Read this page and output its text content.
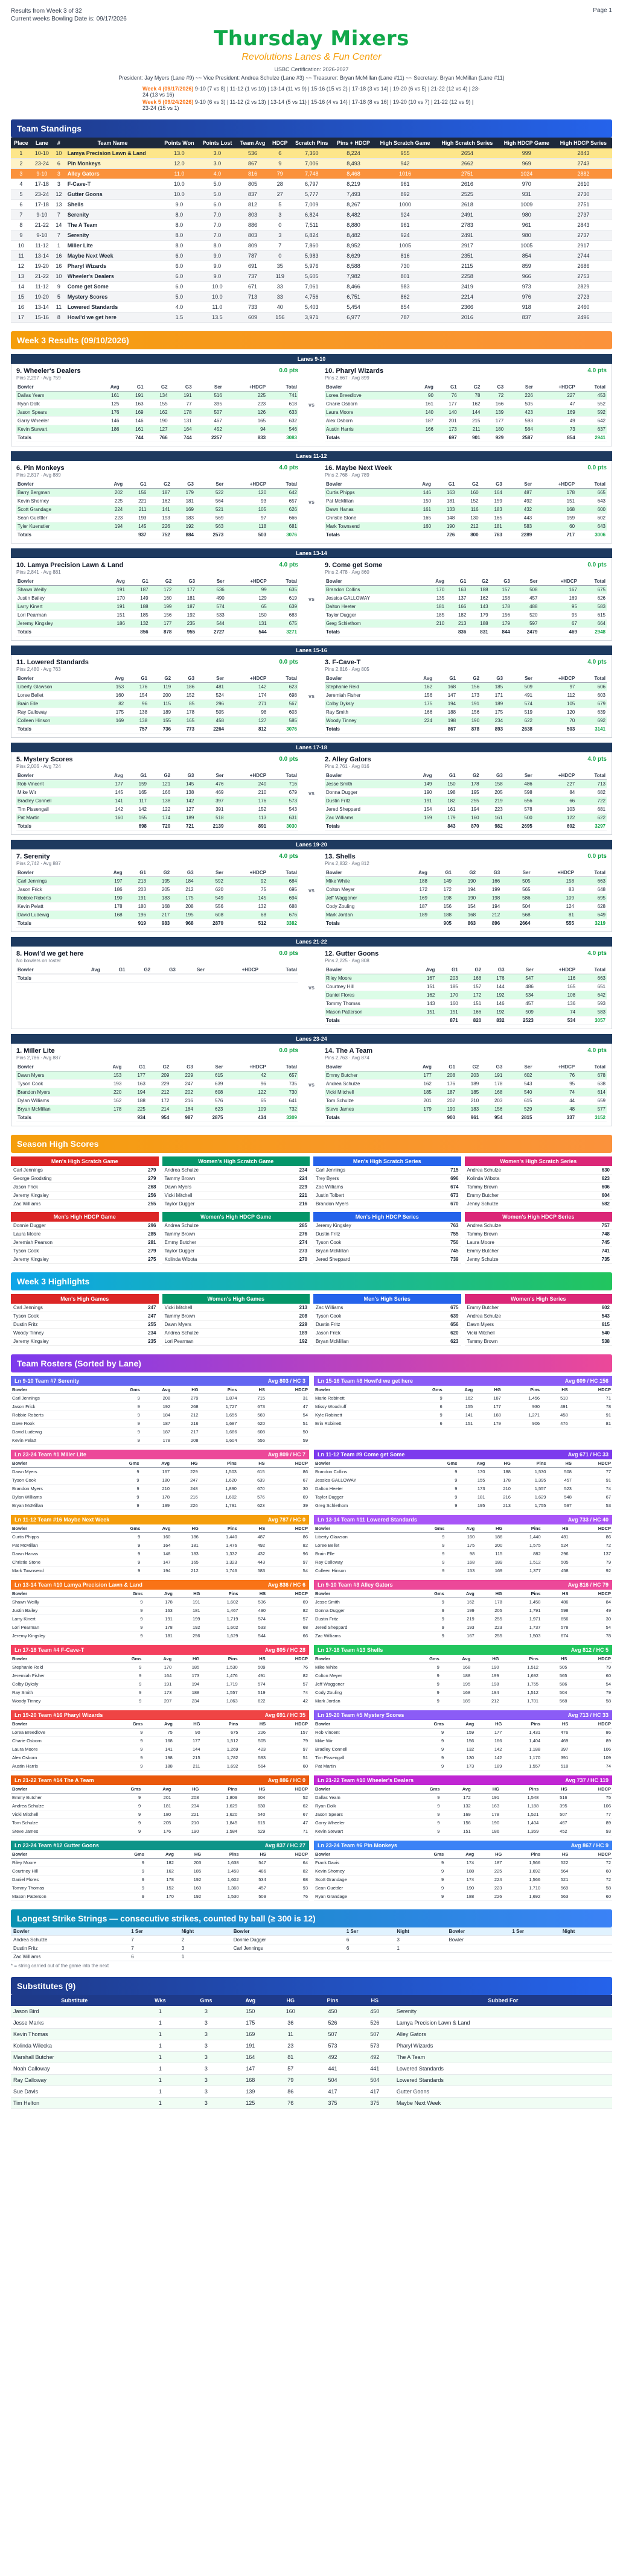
Results from Week 3 of 32
Current weeks Bowling Date is: 09/17/2026
Page 1
Thursday Mixers
Revolutions Lanes & Fun Center
USBC Certification: 2026-2027
President: Jay Myers (Lane #9) ~~ Vice President: Andrea Schulze (Lane #3) ~~ Treasurer: Bryan McMillan (Lane #11) ~~ Secretary: Bryan McMillan (Lane #11)
Week 4 (09/17/2026) 9-10 (7 vs 8) | 11-12 (1 vs 10) | 13-14 (11 vs 9) | 15-16 (15 vs 2) | 17-18 (3 vs 14) | 19-20 (6 vs 5) | 21-22 (12 vs 4) | 23-24 (13 vs 16)
Week 5 (09/24/2026) 9-10 (6 vs 3) | 11-12 (2 vs 13) | 13-14 (5 vs 11) | 15-16 (4 vs 14) | 17-18 (8 vs 16) | 19-20 (10 vs 7) | 21-22 (12 vs 9) | 23-24 (15 vs 1)
Team Standings
Place	Lane	#	Team Name	Points Won	Points Lost	Team Avg	HDCP	Scratch Pins	Pins + HDCP	High Scratch Game	High Scratch Series	High HDCP Game	High HDCP Series
1	10-10	10	Lamya Precision Lawn & Land	13.0	3.0	536	6	7,360	8,224	955	2654	999	2843
2	23-24	6	Pin Monkeys	12.0	3.0	867	9	7,006	8,493	942	2662	969	2743
3	9-10	3	Alley Gators	11.0	4.0	816	79	7,748	8,468	1016	2751	1024	2882
4	17-18	3	F-Cave-T	10.0	5.0	805	28	6,797	8,219	961	2616	970	2610
5	23-24	12	Gutter Goons	10.0	5.0	837	27	5,777	7,493	892	2525	931	2730
6	17-18	13	Shells	9.0	6.0	812	5	7,009	8,267	1000	2618	1009	2751
7	9-10	7	Serenity	8.0	7.0	803	3	6,824	8,482	924	2491	980	2737
8	21-22	14	The A Team	8.0	7.0	886	0	7,511	8,880	961	2783	961	2843
9	9-10	7	Serenity	8.0	7.0	803	3	6,824	8,482	924	2491	980	2737
10	11-12	1	Miller Lite	8.0	8.0	809	7	7,860	8,952	1005	2917	1005	2917
11	13-14	16	Maybe Next Week	6.0	9.0	787	0	5,983	8,629	816	2351	854	2744
12	19-20	16	Pharyl Wizards	6.0	9.0	691	35	5,976	8,588	730	2115	859	2686
13	21-22	10	Wheeler's Dealers	6.0	9.0	737	119	5,605	7,982	801	2258	966	2753
14	11-12	9	Come get Some	6.0	10.0	671	33	7,061	8,466	983	2419	973	2829
15	19-20	5	Mystery Scores	5.0	10.0	713	33	4,756	6,751	862	2214	976	2723
16	13-14	11	Lowered Standards	4.0	11.0	733	40	5,403	5,454	854	2366	918	2460
17	15-16	8	Howl'd we get here	1.5	13.5	609	156	3,971	6,977	787	2016	837	2496
Week 3 Results (09/10/2026)
Lanes 9-10
9. Wheeler's Dealers	0.0 pts
Pins 2,297 · Avg 759
Bowler	Avg	G1	G2	G3	Ser	+HDCP	Total
Dallas Yeam	161	191	134	191	516	225	741
Ryan Dolk	125	163	155	77	395	223	618
Jason Spears	176	169	162	178	507	126	633
Garry Wheeler	146	146	190	131	467	165	632
Kevin Stewart	186	161	127	164	452	94	546
Totals		744	766	744	2257	833	3083
vs
10. Pharyl Wizards	4.0 pts
Pins 2,667 · Avg 899
Bowler	Avg	G1	G2	G3	Ser	+HDCP	Total
Lorea Breedlove	90	76	78	72	226	227	453
Charie Osborn	161	177	162	166	505	47	552
Laura Moore	140	140	144	139	423	169	592
Alex Osborn	187	201	215	177	593	49	642
Austin Harris	166	173	211	180	564	73	637
Totals		697	901	929	2587	854	2941
Lanes 11-12
6. Pin Monkeys	4.0 pts
Pins 2,817 · Avg 889
Bowler	Avg	G1	G2	G3	Ser	+HDCP	Total
Barry Bergman	202	156	187	179	522	120	642
Kevin Shorney	225	221	162	181	564	93	657
Scott Grandage	224	211	141	169	521	105	626
Sean Guettler	223	193	193	183	569	97	666
Tyler Kuenstler	194	145	226	192	563	118	681
Totals		937	752	884	2573	503	3076
vs
16. Maybe Next Week	0.0 pts
Pins 2,768 · Avg 789
Bowler	Avg	G1	G2	G3	Ser	+HDCP	Total
Curtis Phipps	146	163	160	164	487	178	665
Pat McMillan	150	181	152	159	492	151	643
Dawn Hanas	161	133	116	183	432	168	600
Christie Stone	165	148	130	165	443	159	602
Mark Townsend	160	190	212	181	583	60	643
Totals		726	800	763	2289	717	3006
Lanes 13-14
10. Lamya Precision Lawn & Land	4.0 pts
Pins 2,841 · Avg 881
Bowler	Avg	G1	G2	G3	Ser	+HDCP	Total
Shawn Weilly	191	187	172	177	536	99	635
Justin Bailey	170	149	160	181	490	129	619
Larry Kinert	191	188	199	187	574	65	639
Lori Pearman	151	185	156	192	533	150	683
Jeremy Kingsley	186	132	177	235	544	131	675
Totals		856	878	955	2727	544	3271
vs
9. Come get Some	0.0 pts
Pins 2,478 · Avg 860
Bowler	Avg	G1	G2	G3	Ser	+HDCP	Total
Brandon Collins	170	163	188	157	508	167	675
Jessica GALLOWAY	135	137	162	158	457	169	626
Dalton Heeter	181	166	143	178	488	95	583
Taylor Dugger	185	182	179	156	520	95	615
Greg Schlethom	210	213	188	179	597	67	664
Totals		836	831	844	2479	469	2948
Lanes 15-16
11. Lowered Standards	0.0 pts
Pins 2,480 · Avg 763
Bowler	Avg	G1	G2	G3	Ser	+HDCP	Total
Liberty Glawson	153	176	119	186	481	142	623
Loree Bellet	160	154	200	152	524	174	698
Brain Elle	82	96	115	85	296	271	567
Ray Calloway	175	138	189	178	505	98	603
Colleen Hinson	169	138	155	165	458	127	585
Totals		757	736	773	2264	812	3076
vs
3. F-Cave-T	4.0 pts
Pins 2,816 · Avg 805
Bowler	Avg	G1	G2	G3	Ser	+HDCP	Total
Stephanie Reid	162	168	156	185	509	97	606
Jeremiah Fisher	156	147	173	171	491	112	603
Colby Dyksly	175	194	191	189	574	105	679
Ray Smith	166	188	156	175	519	120	639
Woody Tinney	224	198	190	234	622	70	692
Totals		867	878	893	2638	503	3141
Lanes 17-18
5. Mystery Scores	0.0 pts
Pins 2,006 · Avg 724
Bowler	Avg	G1	G2	G3	Ser	+HDCP	Total
Rob Vincent	177	159	121	145	476	240	716
Mike Wir	145	165	166	138	469	210	679
Bradley Connell	141	117	138	142	397	176	573
Tim Pissengall	142	142	122	127	391	152	543
Pat Martin	160	155	174	189	518	113	631
Totals		698	720	721	2139	891	3030
vs
2. Alley Gators	4.0 pts
Pins 2,761 · Avg 816
Bowler	Avg	G1	G2	G3	Ser	+HDCP	Total
Jesse Smith	149	150	178	158	486	227	713
Donna Dugger	190	198	195	205	598	84	682
Dustin Fritz	191	182	255	219	656	66	722
Jered Sheppard	154	161	194	223	578	103	681
Zac Williams	159	179	160	161	500	122	622
Totals		843	870	982	2695	602	3297
Lanes 19-20
7. Serenity	4.0 pts
Pins 2,742 · Avg 887
Bowler	Avg	G1	G2	G3	Ser	+HDCP	Total
Carl Jennings	197	213	195	184	592	92	684
Jason Frick	186	203	205	212	620	75	695
Robbie Roberts	190	191	183	175	549	145	694
Kevin Pelatt	178	180	168	208	556	132	688
David Ludewig	168	196	217	195	608	68	676
Totals		919	983	968	2870	512	3382
vs
13. Shells	0.0 pts
Pins 2,832 · Avg 812
Bowler	Avg	G1	G2	G3	Ser	+HDCP	Total
Mike White	188	149	190	166	505	158	663
Colton Meyer	172	172	194	199	565	83	648
Jeff Waggoner	169	198	190	198	586	109	695
Cody Zouling	187	156	154	194	504	124	628
Mark Jordan	189	188	168	212	568	81	649
Totals		905	863	896	2664	555	3219
Lanes 21-22
8. Howl'd we get here	0.0 pts
No bowlers on roster
Bowler	Avg	G1	G2	G3	Ser	+HDCP	Total
Totals							
vs
12. Gutter Goons	4.0 pts
Pins 2,225 · Avg 808
Bowler	Avg	G1	G2	G3	Ser	+HDCP	Total
Riley Moore	167	203	168	176	547	116	663
Courtney Hill	151	185	157	144	486	165	651
Daniel Flores	162	170	172	192	534	108	642
Tommy Thomas	143	160	151	146	457	136	593
Mason Patterson	151	151	166	192	509	74	583
Totals		871	820	832	2523	534	3057
Lanes 23-24
1. Miller Lite	0.0 pts
Pins 2,786 · Avg 887
Bowler	Avg	G1	G2	G3	Ser	+HDCP	Total
Dawn Myers	153	177	209	229	615	42	657
Tyson Cook	193	163	229	247	639	96	735
Brandon Myers	220	194	212	202	608	122	730
Dylan Williams	162	188	172	216	576	65	641
Bryan McMillan	178	225	214	184	623	109	732
Totals		934	954	987	2875	434	3309
vs
14. The A Team	4.0 pts
Pins 2,763 · Avg 874
Bowler	Avg	G1	G2	G3	Ser	+HDCP	Total
Emmy Butcher	177	208	203	191	602	76	678
Andrea Schulze	162	176	189	178	543	95	638
Vicki Mitchell	185	187	185	168	540	74	614
Tom Schulze	201	202	210	203	615	44	659
Steve James	179	190	183	156	529	48	577
Totals		900	961	954	2815	337	3152
Season High Scores
Men's High Scratch Game
Carl Jennings	279
George Grodsting	279
Jason Frick	268
Jeremy Kingsley	256
Zac Williams	255
Women's High Scratch Game
Andrea Schulze	234
Tammy Brown	224
Dawn Myers	229
Vicki Mitchell	221
Taylor Dugger	216
Men's High Scratch Series
Carl Jennings	715
Trey Byers	696
Zac Williams	674
Justin Tolbert	673
Brandon Myers	670
Women's High Scratch Series
Andrea Schulze	630
Kolinda Wibota	623
Tammy Brown	606
Emmy Butcher	604
Jenny Schulze	582
Men's High HDCP Game
Donnie Dugger	296
Laura Moore	285
Jeremiah Pearson	281
Tyson Cook	279
Jeremy Kingsley	275
Women's High HDCP Game
Andrea Schulze	285
Tammy Brown	276
Emmy Butcher	274
Taylor Dugger	273
Kolinda Wibota	270
Men's High HDCP Series
Jeremy Kingsley	763
Dustin Fritz	755
Tyson Cook	750
Bryan McMillan	745
Jered Sheppard	739
Women's High HDCP Series
Andrea Schulze	757
Tammy Brown	748
Laura Moore	745
Emmy Butcher	741
Jenny Schulze	735
Week 3 Highlights
Men's High Games
Carl Jennings	247
Tyson Cook	247
Dustin Fritz	255
Woody Tinney	234
Jeremy Kingsley	235
Women's High Games
Vicki Mitchell	213
Tammy Brown	208
Dawn Myers	229
Andrea Schulze	189
Lori Pearman	192
Men's High Series
Zac Williams	675
Tyson Cook	639
Dustin Fritz	656
Jason Frick	620
Bryan McMillan	623
Women's High Series
Emmy Butcher	602
Andrea Schulze	543
Dawn Myers	615
Vicki Mitchell	540
Tammy Brown	538
Team Rosters (Sorted by Lane)
Ln 9-10 Team #7 Serenity	Avg 803 / HC 3
Bowler	Gms	Avg	HG	Pins	HS	HDCP
Carl Jennings	9	208	279	1,874	715	31
Jason Frick	9	192	268	1,727	673	47
Robbie Roberts	9	184	212	1,655	569	54
Dave Rook	9	187	216	1,687	620	51
David Ludewig	9	187	217	1,686	608	50
Kevin Pelatt	9	178	208	1,604	556	59
Ln 15-16 Team #8 Howl'd we get here	Avg 609 / HC 156
Bowler	Gms	Avg	HG	Pins	HS	HDCP
Marie Robinett	9	162	187	1,456	510	71
Missy Woodruff	6	155	177	930	491	78
Kyle Robinett	9	141	168	1,271	458	91
Erin Robinett	6	151	179	906	476	81
Ln 23-24 Team #1 Miller Lite	Avg 809 / HC 7
Bowler	Gms	Avg	HG	Pins	HS	HDCP
Dawn Myers	9	167	229	1,503	615	86
Tyson Cook	9	180	247	1,620	639	67
Brandon Myers	9	210	248	1,890	670	30
Dylan Williams	9	178	216	1,602	576	69
Bryan McMillan	9	199	226	1,791	623	39
Ln 11-12 Team #9 Come get Some	Avg 671 / HC 33
Bowler	Gms	Avg	HG	Pins	HS	HDCP
Brandon Collins	9	170	188	1,530	508	77
Jessica GALLOWAY	9	155	178	1,395	457	91
Dalton Heeter	9	173	210	1,557	523	74
Taylor Dugger	9	181	216	1,629	548	67
Greg Schlethom	9	195	213	1,755	597	53
Ln 11-12 Team #16 Maybe Next Week	Avg 787 / HC 0
Bowler	Gms	Avg	HG	Pins	HS	HDCP
Curtis Phipps	9	160	186	1,440	487	86
Pat McMillan	9	164	181	1,476	492	82
Dawn Hanas	9	148	183	1,332	432	96
Christie Stone	9	147	165	1,323	443	97
Mark Townsend	9	194	212	1,746	583	54
Ln 13-14 Team #11 Lowered Standards	Avg 733 / HC 40
Bowler	Gms	Avg	HG	Pins	HS	HDCP
Liberty Glawson	9	160	186	1,440	481	86
Loree Bellet	9	175	200	1,575	524	72
Brain Elle	9	98	115	882	296	137
Ray Calloway	9	168	189	1,512	505	79
Colleen Hinson	9	153	169	1,377	458	92
Ln 13-14 Team #10 Lamya Precision Lawn & Land	Avg 836 / HC 6
Bowler	Gms	Avg	HG	Pins	HS	HDCP
Shawn Weilly	9	178	191	1,602	536	69
Justin Bailey	9	163	181	1,467	490	82
Larry Kinert	9	191	199	1,719	574	57
Lori Pearman	9	178	192	1,602	533	68
Jeremy Kingsley	9	181	256	1,629	544	66
Ln 9-10 Team #3 Alley Gators	Avg 816 / HC 79
Bowler	Gms	Avg	HG	Pins	HS	HDCP
Jesse Smith	9	162	178	1,458	486	84
Donna Dugger	9	199	205	1,791	598	49
Dustin Fritz	9	219	255	1,971	656	30
Jered Sheppard	9	193	223	1,737	578	54
Zac Williams	9	167	255	1,503	674	78
Ln 17-18 Team #4 F-Cave-T	Avg 805 / HC 28
Bowler	Gms	Avg	HG	Pins	HS	HDCP
Stephanie Reid	9	170	185	1,530	509	76
Jeremiah Fisher	9	164	173	1,476	491	82
Colby Dyksly	9	191	194	1,719	574	57
Ray Smith	9	173	188	1,557	519	74
Woody Tinney	9	207	234	1,863	622	42
Ln 17-18 Team #13 Shells	Avg 812 / HC 5
Bowler	Gms	Avg	HG	Pins	HS	HDCP
Mike White	9	168	190	1,512	505	79
Colton Meyer	9	188	199	1,692	565	60
Jeff Waggoner	9	195	198	1,755	586	54
Cody Zouling	9	168	194	1,512	504	79
Mark Jordan	9	189	212	1,701	568	58
Ln 19-20 Team #16 Pharyl Wizards	Avg 691 / HC 35
Bowler	Gms	Avg	HG	Pins	HS	HDCP
Lorea Breedlove	9	75	90	675	226	157
Charie Osborn	9	168	177	1,512	505	79
Laura Moore	9	141	144	1,269	423	97
Alex Osborn	9	198	215	1,782	593	51
Austin Harris	9	188	211	1,692	564	60
Ln 19-20 Team #5 Mystery Scores	Avg 713 / HC 33
Bowler	Gms	Avg	HG	Pins	HS	HDCP
Rob Vincent	9	159	177	1,431	476	86
Mike Wir	9	156	166	1,404	469	89
Bradley Connell	9	132	142	1,188	397	106
Tim Pissengall	9	130	142	1,170	391	109
Pat Martin	9	173	189	1,557	518	74
Ln 21-22 Team #14 The A Team	Avg 886 / HC 0
Bowler	Gms	Avg	HG	Pins	HS	HDCP
Emmy Butcher	9	201	208	1,809	604	52
Andrea Schulze	9	181	234	1,629	630	62
Vicki Mitchell	9	180	221	1,620	540	67
Tom Schulze	9	205	210	1,845	615	47
Steve James	9	176	190	1,584	529	71
Ln 21-22 Team #10 Wheeler's Dealers	Avg 737 / HC 119
Bowler	Gms	Avg	HG	Pins	HS	HDCP
Dallas Yeam	9	172	191	1,548	516	75
Ryan Dolk	9	132	163	1,188	395	106
Jason Spears	9	169	178	1,521	507	77
Garry Wheeler	9	156	190	1,404	467	89
Kevin Stewart	9	151	186	1,359	452	93
Ln 23-24 Team #12 Gutter Goons	Avg 837 / HC 27
Bowler	Gms	Avg	HG	Pins	HS	HDCP
Riley Moore	9	182	203	1,638	547	64
Courtney Hill	9	162	185	1,458	486	82
Daniel Flores	9	178	192	1,602	534	68
Tommy Thomas	9	152	160	1,368	457	93
Mason Patterson	9	170	192	1,530	509	76
Ln 23-24 Team #6 Pin Monkeys	Avg 867 / HC 9
Bowler	Gms	Avg	HG	Pins	HS	HDCP
Frank Davis	9	174	187	1,566	522	72
Kevin Shorney	9	188	225	1,692	564	60
Scott Grandage	9	174	224	1,566	521	72
Sean Guettler	9	190	223	1,710	569	58
Ryan Grandage	9	188	226	1,692	563	60
Longest Strike Strings — consecutive strikes, counted by ball (≥ 300 is 12)
Bowler	1 Ser	Night	Bowler	1 Ser	Night	Bowler	1 Ser	Night
Andrea Schulze	7	2	Donnie Dugger	6	3	Bowler		
Dustin Fritz	7	3	Carl Jennings	6	1			
Zac Williams	6	1						
* = string carried out of the game into the next
Substitutes (9)
Substitute	Wks	Gms	Avg	HG	Pins	HS	Subbed For
Jason Bird	1	3	150	160	450	450	Serenity
Jesse Marks	1	3	175	36	526	526	Lamya Precision Lawn & Land
Kevin Thomas	1	3	169	11	507	507	Alley Gators
Kolinda Wilecka	1	3	191	23	573	573	Pharyl Wizards
Marshall Butcher	1	3	164	81	492	492	The A Team
Noah Calloway	1	3	147	57	441	441	Lowered Standards
Ray Calloway	1	3	168	79	504	504	Lowered Standards
Sue Davis	1	3	139	86	417	417	Gutter Goons
Tim Helton	1	3	125	76	375	375	Maybe Next Week
